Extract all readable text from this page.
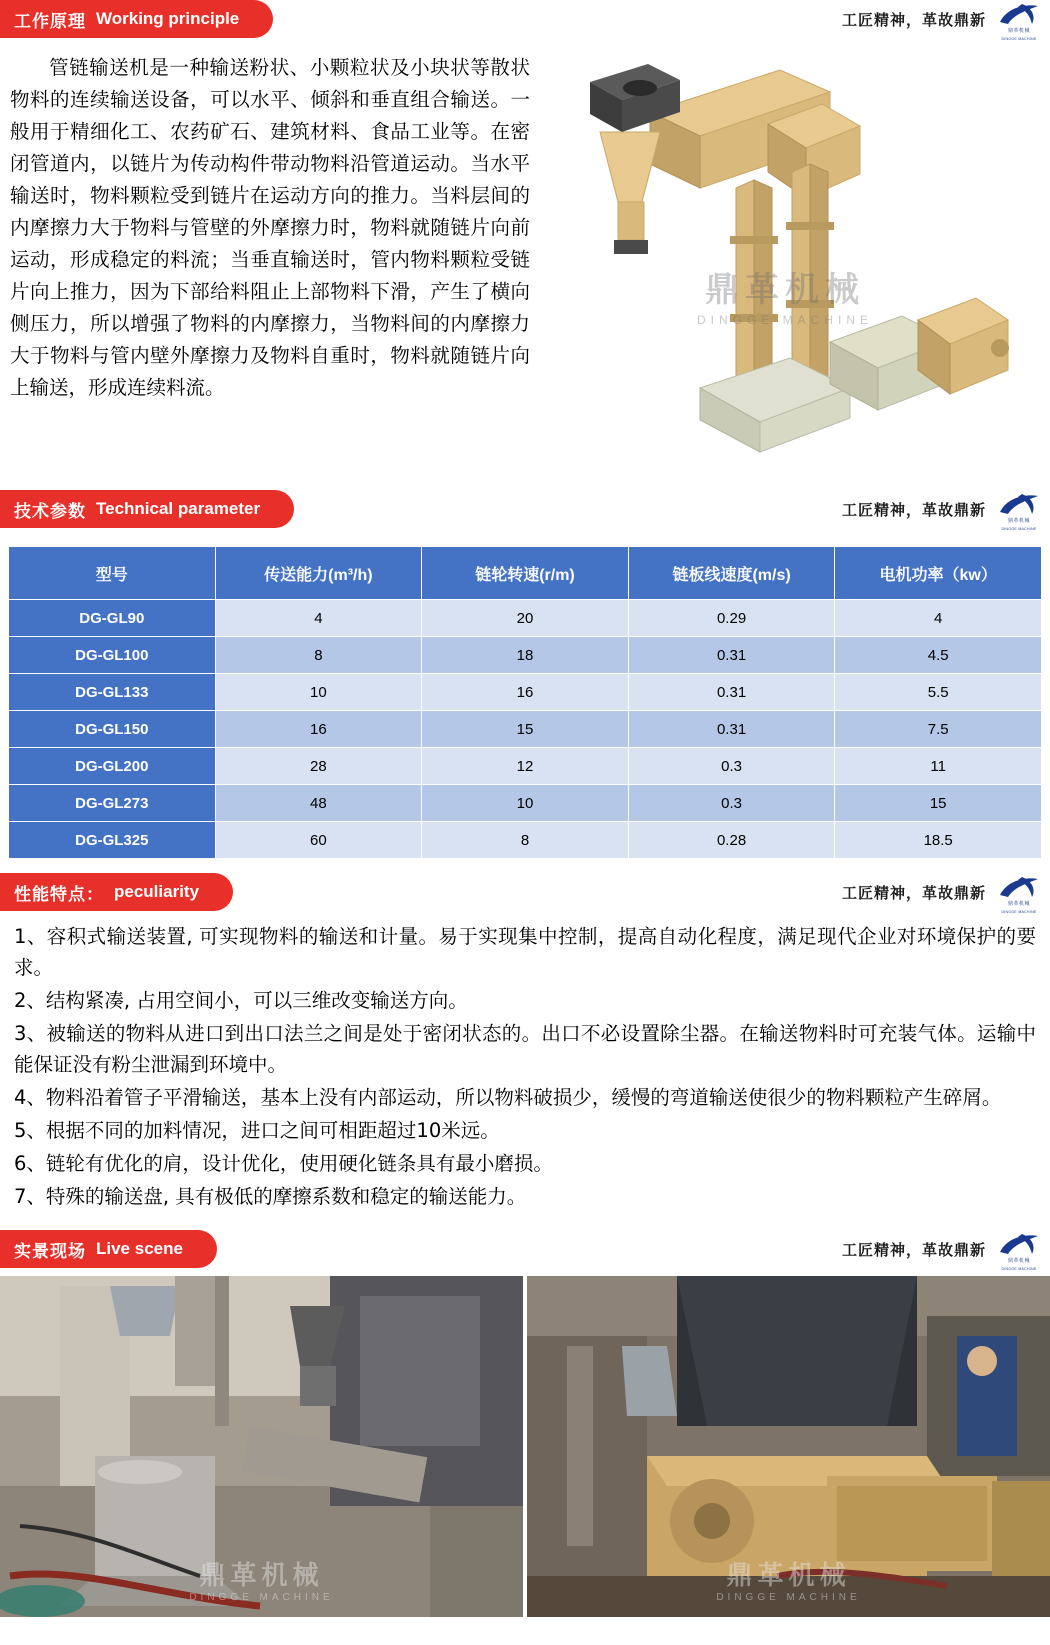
工作原理 Working principle	工匠精神，革故鼎新
鼎革机械
DINGGE MACHINE
管链输送机是一种输送粉状、小颗粒状及小块状等散状物料的连续输送设备，可以水平、倾斜和垂直组合输送。一般用于精细化工、农药矿石、建筑材料、食品工业等。在密闭管道内，以链片为传动构件带动物料沿管道运动。当水平输送时，物料颗粒受到链片在运动方向的推力。当料层间的内摩擦力大于物料与管壁的外摩擦力时，物料就随链片向前运动，形成稳定的料流；当垂直输送时，管内物料颗粒受链片向上推力，因为下部给料阻止上部物料下滑，产生了横向侧压力，所以增强了物料的内摩擦力，当物料间的内摩擦力大于物料与管内壁外摩擦力及物料自重时，物料就随链片向上输送，形成连续料流。
鼎革机械
DINGGE MACHINE
技术参数 Technical parameter	工匠精神，革故鼎新
鼎革机械
DINGGE MACHINE
型号	传送能力(m³/h)	链轮转速(r/m)	链板线速度(m/s)	电机功率（kw）
DG-GL90	4	20	0.29	4
DG-GL100	8	18	0.31	4.5
DG-GL133	10	16	0.31	5.5
DG-GL150	16	15	0.31	7.5
DG-GL200	28	12	0.3	11
DG-GL273	48	10	0.3	15
DG-GL325	60	8	0.28	18.5
性能特点： peculiarity	工匠精神，革故鼎新
鼎革机械
DINGGE MACHINE

1、容积式输送装置, 可实现物料的输送和计量。易于实现集中控制，提高自动化程度，满足现代企业对环境保护的要求。

2、结构紧凑, 占用空间小，可以三维改变输送方向。

3、被输送的物料从进口到出口法兰之间是处于密闭状态的。出口不必设置除尘器。在输送物料时可充装气体。运输中能保证没有粉尘泄漏到环境中。

4、物料沿着管子平滑输送，基本上没有内部运动，所以物料破损少，缓慢的弯道输送使很少的物料颗粒产生碎屑。

5、根据不同的加料情况，进口之间可相距超过10米远。

6、链轮有优化的肩，设计优化，使用硬化链条具有最小磨损。

7、特殊的输送盘, 具有极低的摩擦系数和稳定的输送能力。

实景现场 Live scene	工匠精神，革故鼎新
鼎革机械
DINGGE MACHINE
鼎革机械
DINGGE MACHINE
鼎革机械
DINGGE MACHINE
